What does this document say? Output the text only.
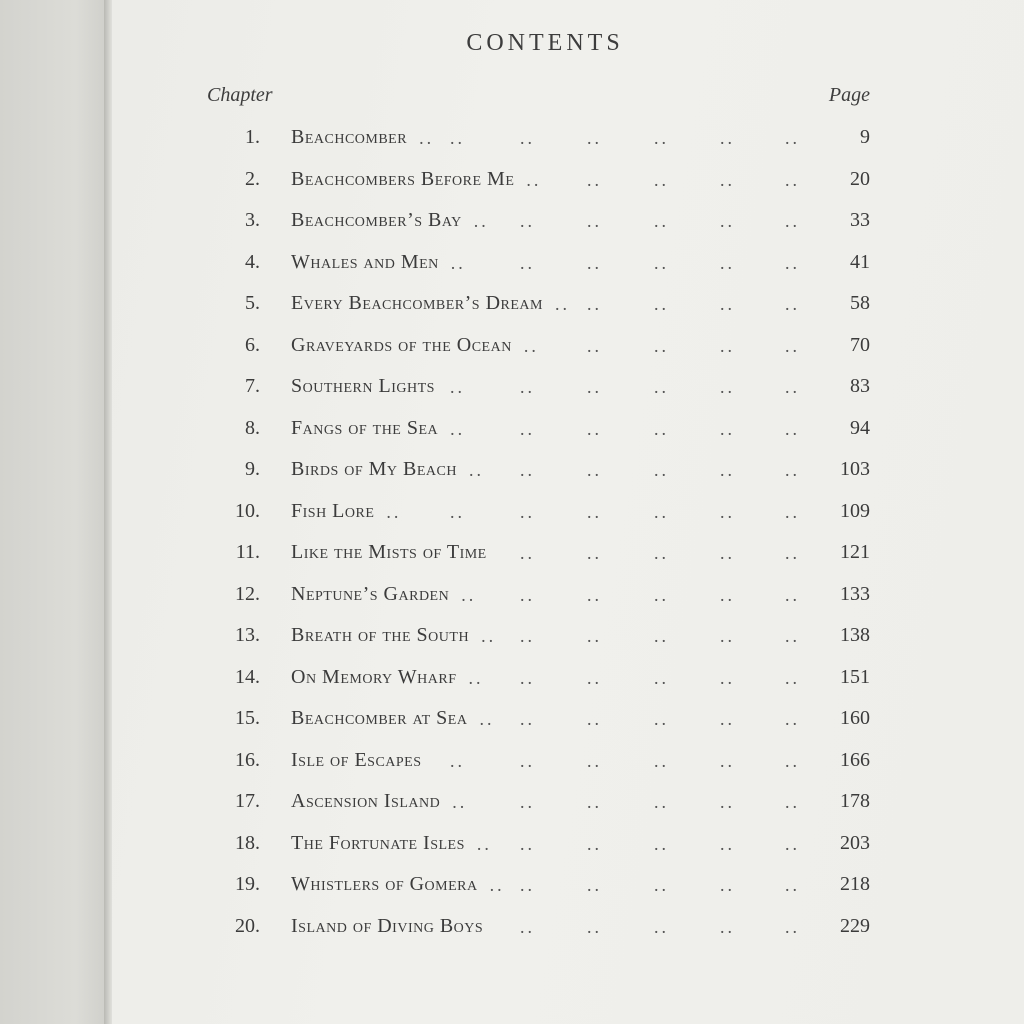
CONTENTS
Chapter	Page
1. Beachcomber	9
..	..	..	..	..	..
..
2. Beachcombers Before Me	20
..	..	..	..
..
3. Beachcomber’s Bay	33
..	..	..	..	..
..
4. Whales and Men	41
..	..	..	..	..
..
5. Every Beachcomber’s Dream	58
..	..	..	..
..
6. Graveyards of the Ocean	70
..	..	..	..
..
7. Southern Lights	83
..	..	..	..	..	..
8. Fangs of the Sea	94
..	..	..	..	..
..
9. Birds of My Beach	103
..	..	..	..	..
..
10. Fish Lore	109
..	..	..	..	..	..
..
11. Like the Mists of Time	121
..	..	..	..	..
12. Neptune’s Garden	133
..	..	..	..	..
..
13. Breath of the South	138
..	..	..	..	..
..
14. On Memory Wharf	151
..	..	..	..	..
..
15. Beachcomber at Sea	160
..	..	..	..	..
..
16. Isle of Escapes	166
..	..	..	..	..	..
17. Ascension Island	178
..	..	..	..	..
..
18. The Fortunate Isles	203
..	..	..	..	..
..
19. Whistlers of Gomera	218
..	..	..	..	..
..
20. Island of Diving Boys	229
..	..	..	..	..
